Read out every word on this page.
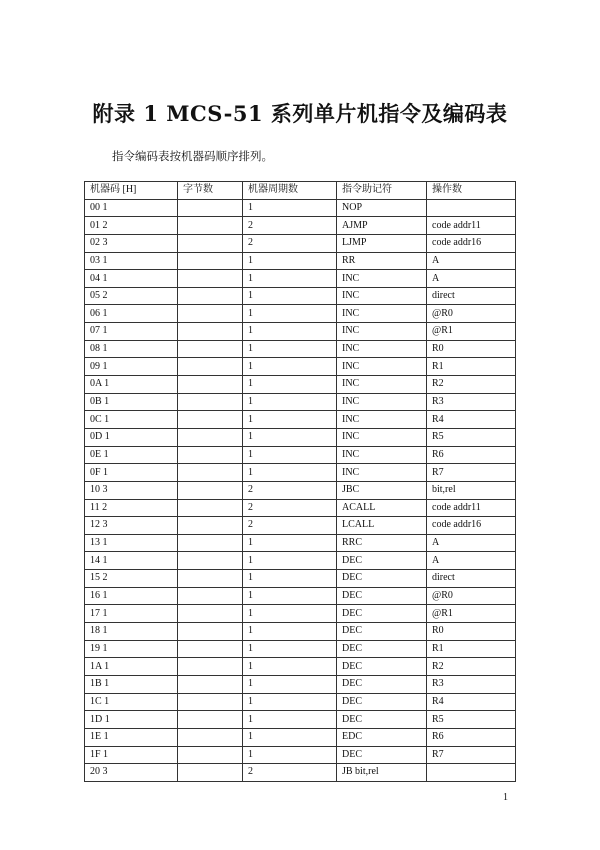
附录 1 MCS-51 系列单片机指令及编码表
指令编码表按机器码顺序排列。
机器码 [H]	字节数	机器周期数	指令助记符	操作数
00 1		1	NOP	
01 2		2	AJMP	code addr11
02 3		2	LJMP	code addr16
03 1		1	RR	A
04 1		1	INC	A
05 2		1	INC	direct
06 1		1	INC	@R0
07 1		1	INC	@R1
08 1		1	INC	R0
09 1		1	INC	R1
0A 1		1	INC	R2
0B 1		1	INC	R3
0C 1		1	INC	R4
0D 1		1	INC	R5
0E 1		1	INC	R6
0F 1		1	INC	R7
10 3		2	JBC	bit,rel
11 2		2	ACALL	code addr11
12 3		2	LCALL	code addr16
13 1		1	RRC	A
14 1		1	DEC	A
15 2		1	DEC	direct
16 1		1	DEC	@R0
17 1		1	DEC	@R1
18 1		1	DEC	R0
19 1		1	DEC	R1
1A 1		1	DEC	R2
1B 1		1	DEC	R3
1C 1		1	DEC	R4
1D 1		1	DEC	R5
1E 1		1	EDC	R6
1F 1		1	DEC	R7
20 3		2	JB bit,rel	
1
